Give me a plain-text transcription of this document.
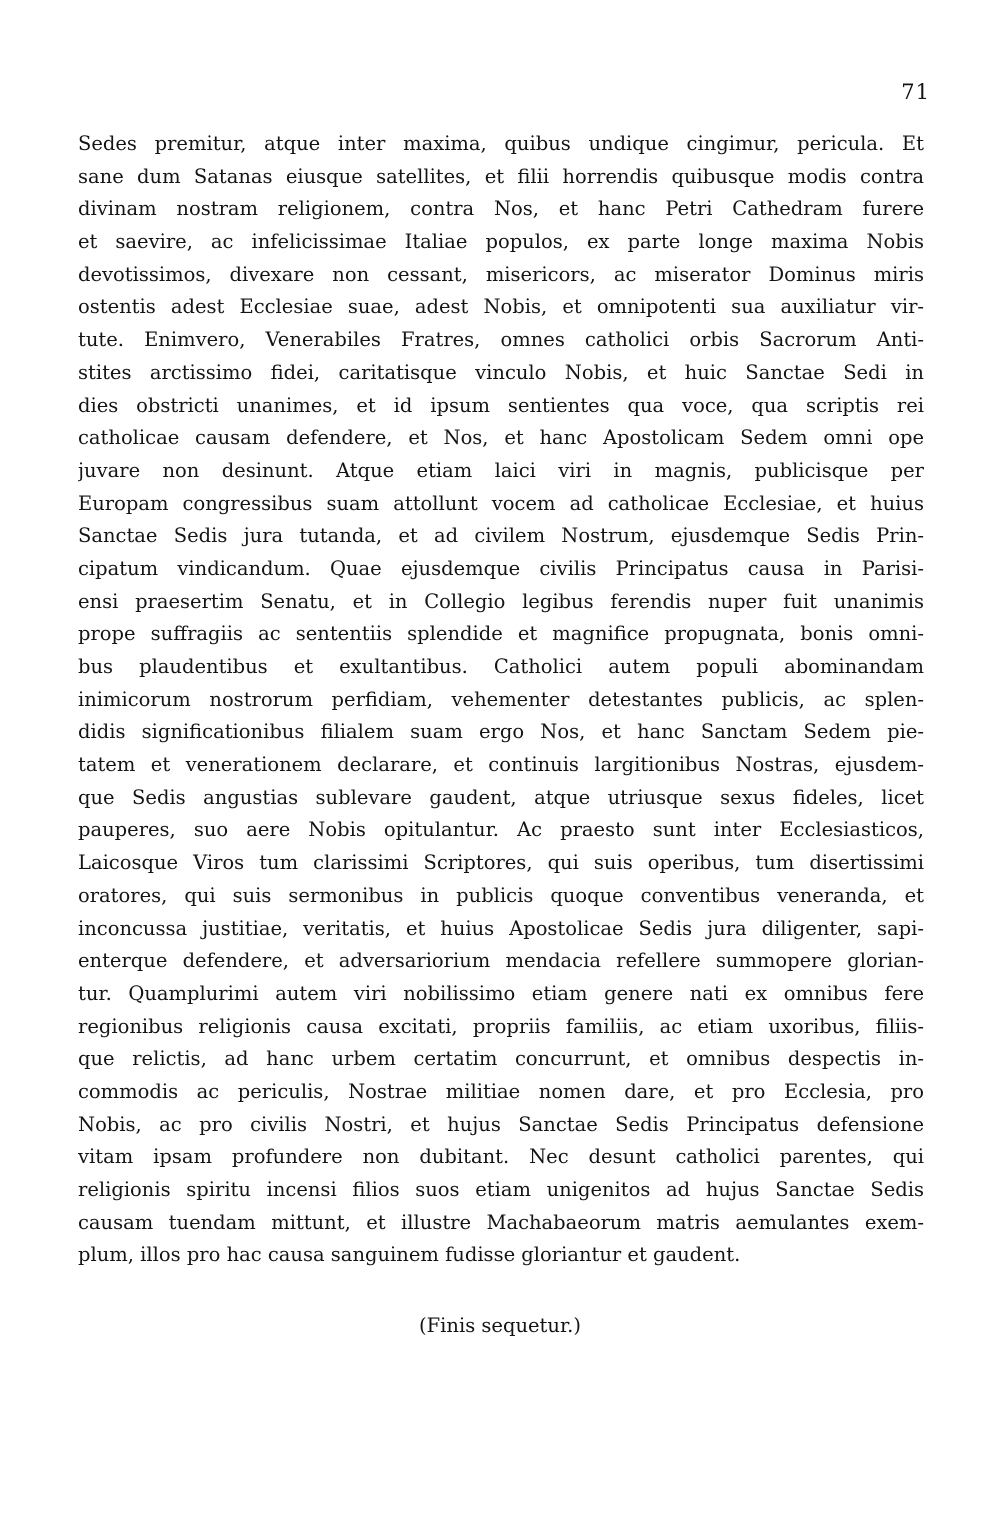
71
Sedes premitur, atque inter maxima, quibus undique cingimur, pericula. Et
sane dum Satanas eiusque satellites, et filii horrendis quibusque modis contra
divinam nostram religionem, contra Nos, et hanc Petri Cathedram furere
et saevire, ac infelicissimae Italiae populos, ex parte longe maxima Nobis
devotissimos, divexare non cessant, misericors, ac miserator Dominus miris
ostentis adest Ecclesiae suae, adest Nobis, et omnipotenti sua auxiliatur vir-
tute. Enimvero, Venerabiles Fratres, omnes catholici orbis Sacrorum Anti-
stites arctissimo fidei, caritatisque vinculo Nobis, et huic Sanctae Sedi in
dies obstricti unanimes, et id ipsum sentientes qua voce, qua scriptis rei
catholicae causam defendere, et Nos, et hanc Apostolicam Sedem omni ope
juvare non desinunt. Atque etiam laici viri in magnis, publicisque per
Europam congressibus suam attollunt vocem ad catholicae Ecclesiae, et huius
Sanctae Sedis jura tutanda, et ad civilem Nostrum, ejusdemque Sedis Prin-
cipatum vindicandum. Quae ejusdemque civilis Principatus causa in Parisi-
ensi praesertim Senatu, et in Collegio legibus ferendis nuper fuit unanimis
prope suffragiis ac sententiis splendide et magnifice propugnata, bonis omni-
bus plaudentibus et exultantibus. Catholici autem populi abominandam
inimicorum nostrorum perfidiam, vehementer detestantes publicis, ac splen-
didis significationibus filialem suam ergo Nos, et hanc Sanctam Sedem pie-
tatem et venerationem declarare, et continuis largitionibus Nostras, ejusdem-
que Sedis angustias sublevare gaudent, atque utriusque sexus fideles, licet
pauperes, suo aere Nobis opitulantur. Ac praesto sunt inter Ecclesiasticos,
Laicosque Viros tum clarissimi Scriptores, qui suis operibus, tum disertissimi
oratores, qui suis sermonibus in publicis quoque conventibus veneranda, et
inconcussa justitiae, veritatis, et huius Apostolicae Sedis jura diligenter, sapi-
enterque defendere, et adversariorium mendacia refellere summopere glorian-
tur. Quamplurimi autem viri nobilissimo etiam genere nati ex omnibus fere
regionibus religionis causa excitati, propriis familiis, ac etiam uxoribus, filiis-
que relictis, ad hanc urbem certatim concurrunt, et omnibus despectis in-
commodis ac periculis, Nostrae militiae nomen dare, et pro Ecclesia, pro
Nobis, ac pro civilis Nostri, et hujus Sanctae Sedis Principatus defensione
vitam ipsam profundere non dubitant. Nec desunt catholici parentes, qui
religionis spiritu incensi filios suos etiam unigenitos ad hujus Sanctae Sedis
causam tuendam mittunt, et illustre Machabaeorum matris aemulantes exem-
plum, illos pro hac causa sanguinem fudisse gloriantur et gaudent.
(Finis sequetur.)
